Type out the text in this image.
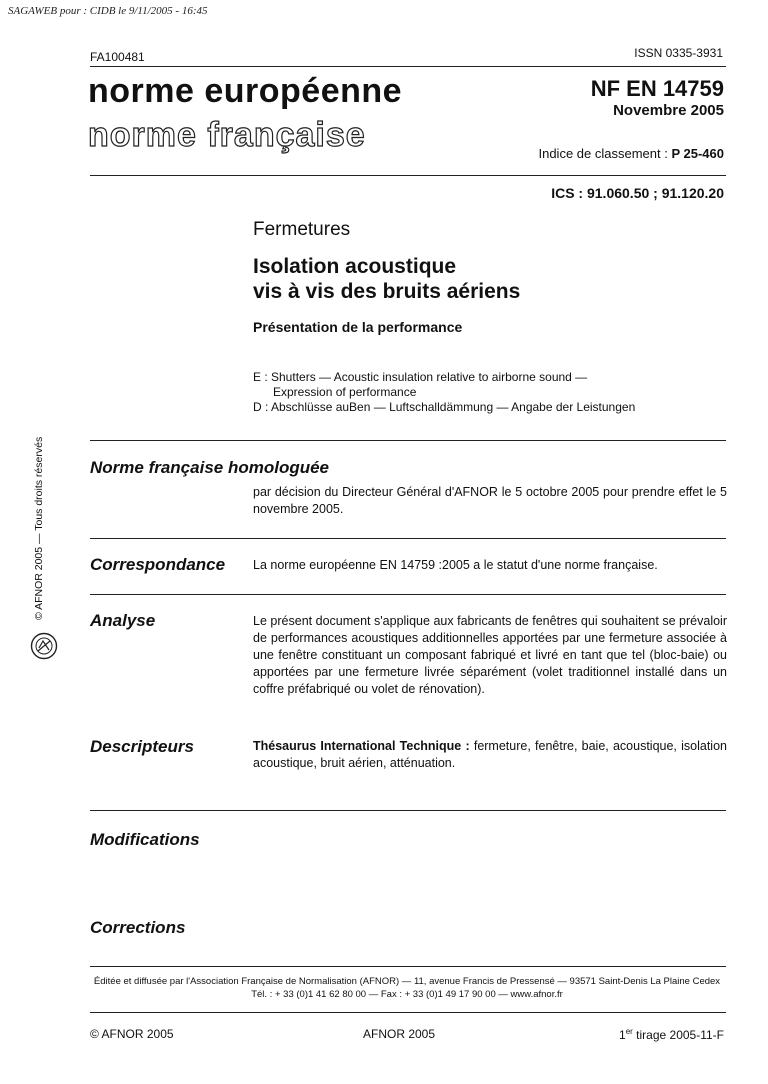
SAGAWEB pour : CIDB le 9/11/2005 - 16:45
FA100481	ISSN 0335-3931
norme européenne
norme française
NF EN 14759
Novembre 2005
Indice de classement : P 25-460
ICS : 91.060.50 ; 91.120.20
Fermetures
Isolation acoustique
vis à vis des bruits aériens
Présentation de la performance
E : Shutters — Acoustic insulation relative to airborne sound —
Expression of performance
D : Abschlüsse auBen — Luftschalldämmung — Angabe der Leistungen
© AFNOR 2005 — Tous droits réservés	Norme française homologuée
par décision du Directeur Général d'AFNOR le 5 octobre 2005 pour prendre effet le 5 novembre 2005.
Correspondance La norme européenne EN 14759 :2005 a le statut d'une norme française.
Analyse	Le présent document s'applique aux fabricants de fenêtres qui souhaitent se prévaloir de performances acoustiques additionnelles apportées par une fermeture associée à une fenêtre constituant un composant fabriqué et livré en tant que tel (bloc-baie) ou apportées par une fermeture livrée séparément (volet traditionnel installé dans un coffre préfabriqué ou volet de rénovation).
Descripteurs	Thésaurus International Technique : fermeture, fenêtre, baie, acoustique, isolation acoustique, bruit aérien, atténuation.
Modifications
Corrections
Éditée et diffusée par l'Association Française de Normalisation (AFNOR) — 11, avenue Francis de Pressensé — 93571 Saint-Denis La Plaine Cedex
Tél. : + 33 (0)1 41 62 80 00 — Fax : + 33 (0)1 49 17 90 00 — www.afnor.fr
© AFNOR 2005	AFNOR 2005	1er tirage 2005-11-F
